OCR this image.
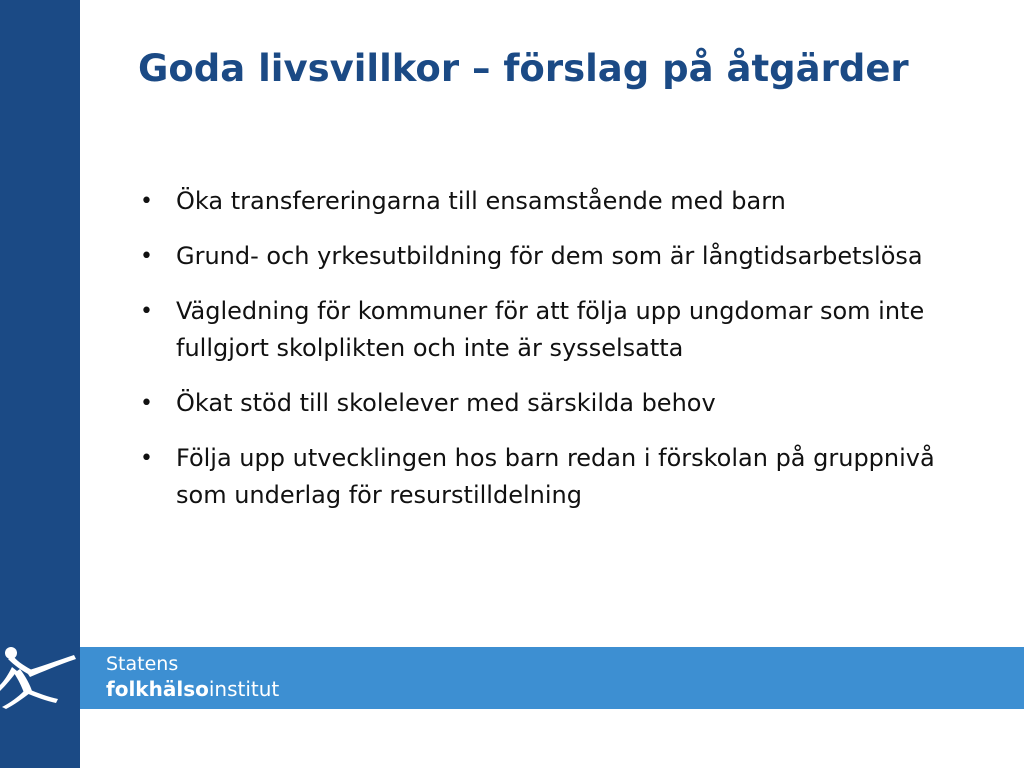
Goda livsvillkor – förslag på åtgärder
• Öka transfereringarna till ensamstående med barn
• Grund- och yrkesutbildning för dem som är långtidsarbetslösa
• Vägledning för kommuner för att följa upp ungdomar som inte fullgjort skolplikten och inte är sysselsatta
• Ökat stöd till skolelever med särskilda behov
• Följa upp utvecklingen hos barn redan i förskolan på gruppnivå som underlag för resurstilldelning
Statens
folkhälsoinstitut
